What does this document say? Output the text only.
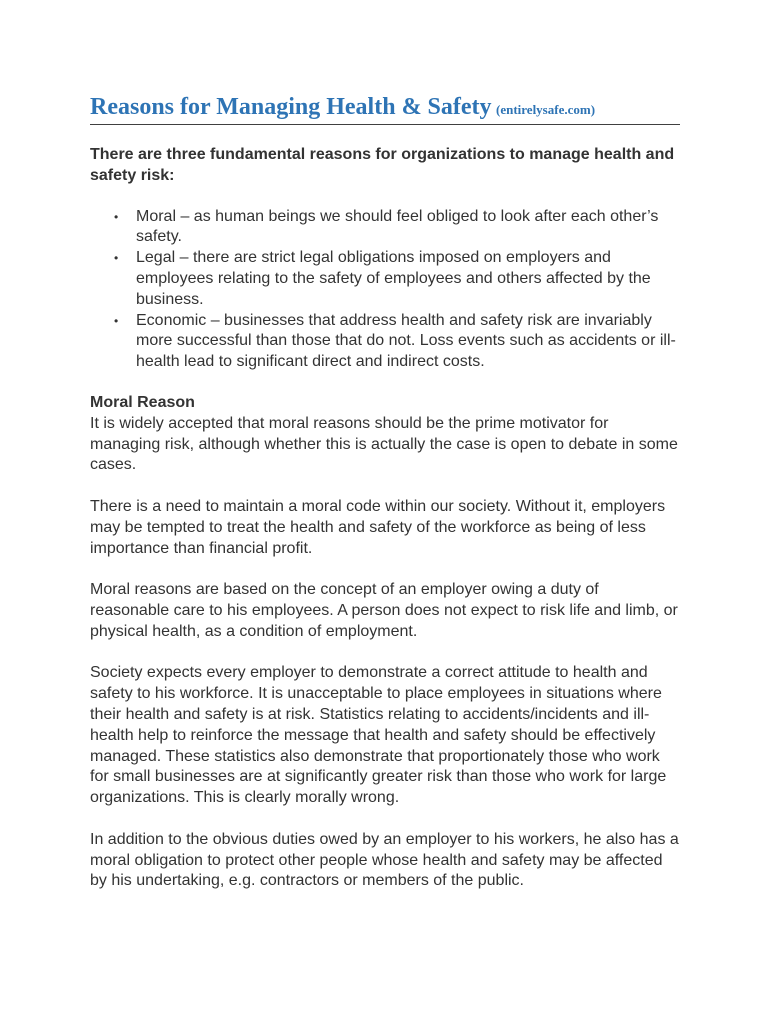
Reasons for Managing Health & Safety (entirelysafe.com)

There are three fundamental reasons for organizations to manage health and safety risk:

• Moral – as human beings we should feel obliged to look after each other’s safety.
• Legal – there are strict legal obligations imposed on employers and employees relating to the safety of employees and others affected by the business.
• Economic – businesses that address health and safety risk are invariably more successful than those that do not. Loss events such as accidents or ill-health lead to significant direct and indirect costs.
Moral Reason

It is widely accepted that moral reasons should be the prime motivator for managing risk, although whether this is actually the case is open to debate in some cases.

There is a need to maintain a moral code within our society. Without it, employers may be tempted to treat the health and safety of the workforce as being of less importance than financial profit.

Moral reasons are based on the concept of an employer owing a duty of reasonable care to his employees. A person does not expect to risk life and limb, or physical health, as a condition of employment.

Society expects every employer to demonstrate a correct attitude to health and safety to his workforce. It is unacceptable to place employees in situations where their health and safety is at risk. Statistics relating to accidents/incidents and ill-health help to reinforce the message that health and safety should be effectively managed. These statistics also demonstrate that proportionately those who work for small businesses are at significantly greater risk than those who work for large organizations. This is clearly morally wrong.

In addition to the obvious duties owed by an employer to his workers, he also has a moral obligation to protect other people whose health and safety may be affected by his undertaking, e.g. contractors or members of the public.
